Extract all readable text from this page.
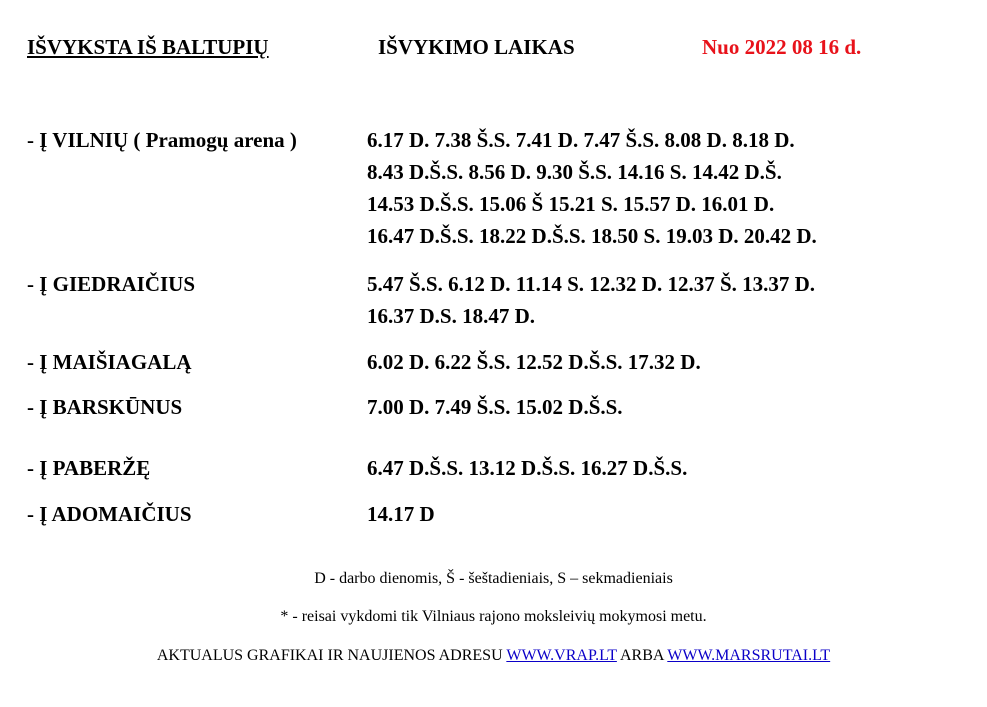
IŠVYKSTA IŠ BALTUPIŲ	IŠVYKIMO LAIKAS	Nuo 2022 08 16 d.
- Į VILNIŲ ( Pramogų arena )	6.17 D. 7.38 Š.S. 7.41 D. 7.47 Š.S. 8.08 D. 8.18 D.
8.43 D.Š.S. 8.56 D. 9.30 Š.S. 14.16 S. 14.42 D.Š.
14.53 D.Š.S. 15.06 Š 15.21 S. 15.57 D. 16.01 D.
16.47 D.Š.S. 18.22 D.Š.S. 18.50 S. 19.03 D. 20.42 D.
- Į GIEDRAIČIUS	5.47 Š.S. 6.12 D. 11.14 S. 12.32 D. 12.37 Š. 13.37 D.
16.37 D.S. 18.47 D.
- Į MAIŠIAGALĄ	6.02 D. 6.22 Š.S. 12.52 D.Š.S. 17.32 D.
- Į BARSKŪNUS	7.00 D. 7.49 Š.S. 15.02 D.Š.S.
- Į PABERŽĘ	6.47 D.Š.S. 13.12 D.Š.S. 16.27 D.Š.S.
- Į ADOMAIČIUS	14.17 D
D - darbo dienomis, Š - šeštadieniais, S – sekmadieniais
* - reisai vykdomi tik Vilniaus rajono moksleivių mokymosi metu.
AKTUALUS GRAFIKAI IR NAUJIENOS ADRESU WWW.VRAP.LT ARBA WWW.MARSRUTAI.LT
